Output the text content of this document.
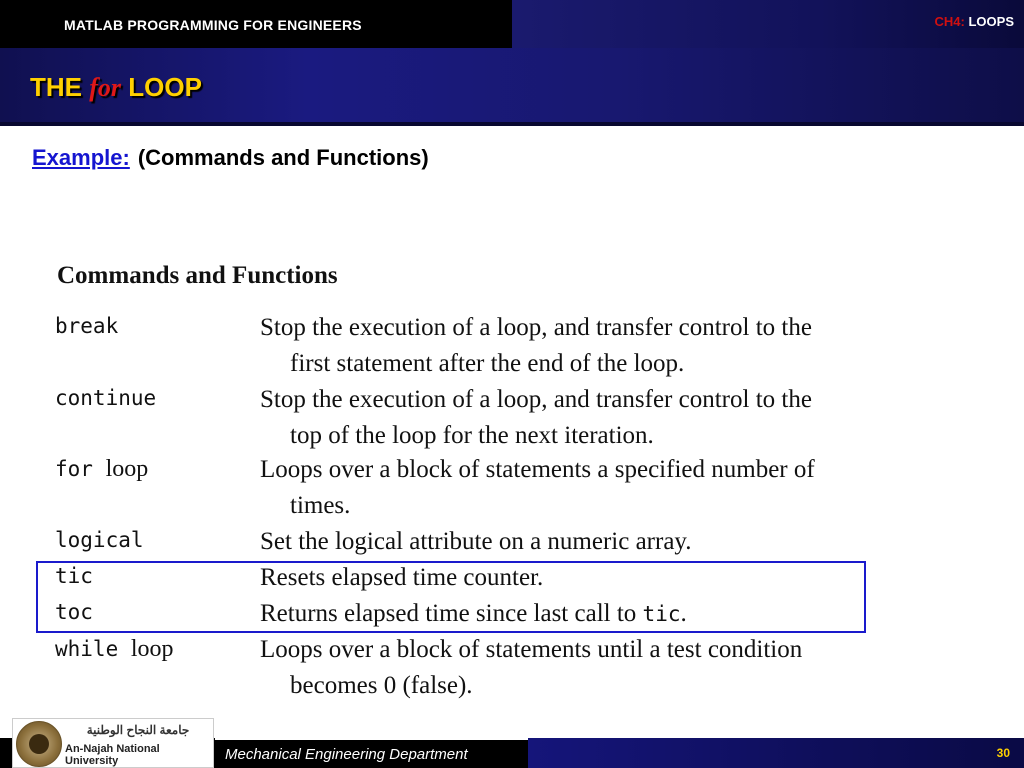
MATLAB PROGRAMMING FOR ENGINEERS	CH4: LOOPS
THE for LOOP
Example: (Commands and Functions)
Commands and Functions
break	Stop the execution of a loop, and transfer control to the
first statement after the end of the loop.
continue	Stop the execution of a loop, and transfer control to the
top of the loop for the next iteration.
for loop	Loops over a block of statements a specified number of
times.
logical	Set the logical attribute on a numeric array.
tic	Resets elapsed time counter.
toc	Returns elapsed time since last call to tic.
while loop	Loops over a block of statements until a test condition
becomes 0 (false).
Mechanical Engineering Department	30
جامعة النجاح الوطنية
An-Najah National University
